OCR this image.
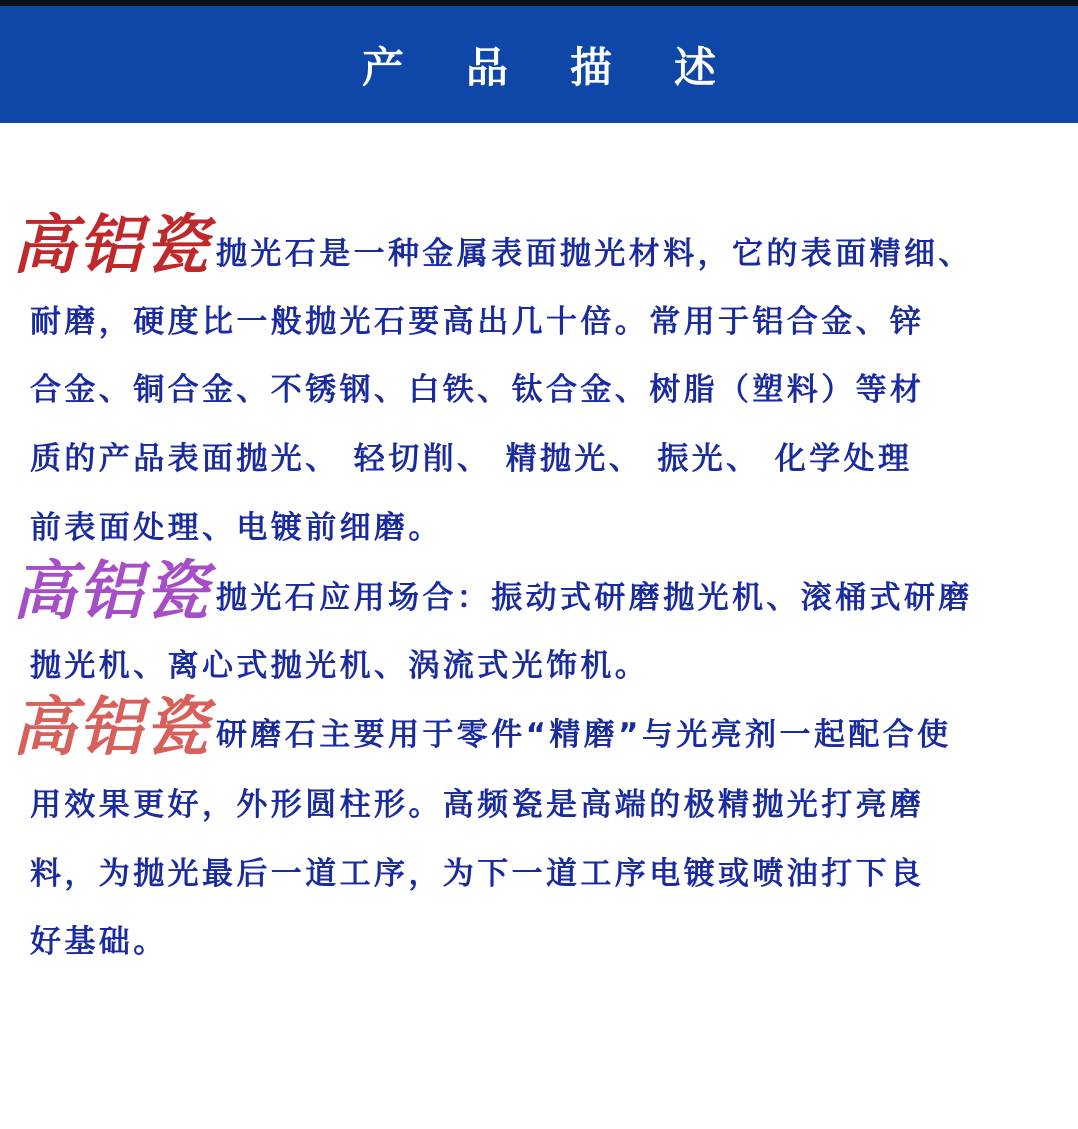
产品描述
高铝瓷 抛光石是一种金属表面抛光材料，它的表面精细、
耐磨，硬度比一般抛光石要高出几十倍。常用于铝合金、锌
合金、铜合金、不锈钢、白铁、钛合金、树脂（塑料）等材
质的产品表面抛光、 轻切削、 精抛光、 振光、 化学处理
前表面处理、电镀前细磨。
高铝瓷 抛光石应用场合：振动式研磨抛光机、滚桶式研磨
抛光机、离心式抛光机、涡流式光饰机。
高铝瓷 研磨石主要用于零件“精磨”与光亮剂一起配合使
用效果更好，外形圆柱形。高频瓷是高端的极精抛光打亮磨
料，为抛光最后一道工序，为下一道工序电镀或喷油打下良
好基础。
